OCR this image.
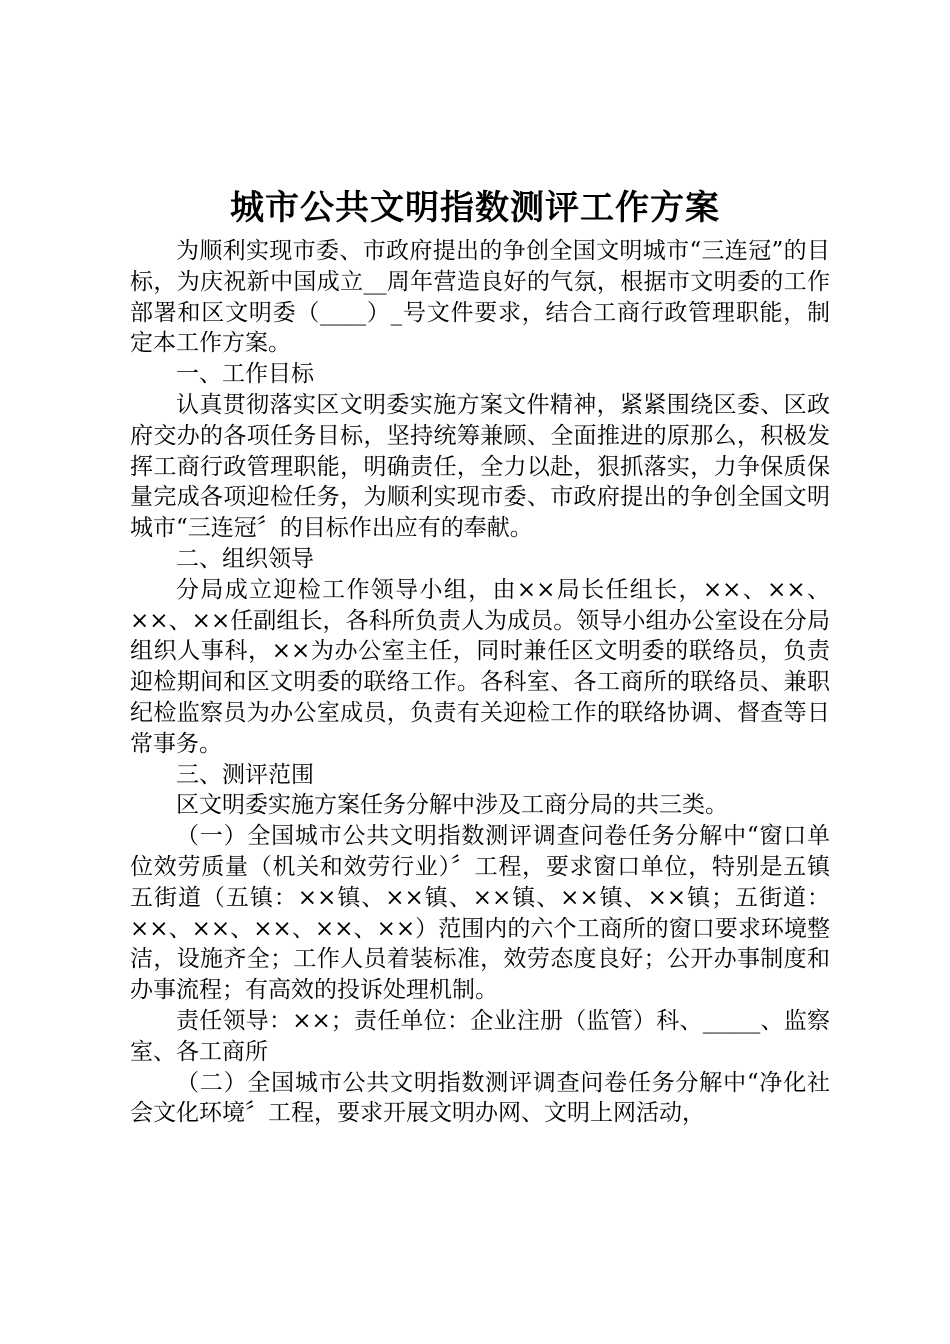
城市公共文明指数测评工作方案

为顺利实现市委、市政府提出的争创全国文明城市“三连冠”的目标，为庆祝新中国成立__周年营造良好的气氛，根据市文明委的工作部署和区文明委（____）_号文件要求，结合工商行政管理职能，制定本工作方案。

一、工作目标

认真贯彻落实区文明委实施方案文件精神，紧紧围绕区委、区政府交办的各项任务目标，坚持统筹兼顾、全面推进的原那么，积极发挥工商行政管理职能，明确责任，全力以赴，狠抓落实，力争保质保量完成各项迎检任务，为顺利实现市委、市政府提出的争创全国文明城市“三连冠〞的目标作出应有的奉献。

二、组织领导

分局成立迎检工作领导小组，由××局长任组长，××、××、××、××任副组长，各科所负责人为成员。领导小组办公室设在分局组织人事科，××为办公室主任，同时兼任区文明委的联络员，负责迎检期间和区文明委的联络工作。各科室、各工商所的联络员、兼职纪检监察员为办公室成员，负责有关迎检工作的联络协调、督查等日常事务。

三、测评范围

区文明委实施方案任务分解中涉及工商分局的共三类。

（一）全国城市公共文明指数测评调查问卷任务分解中“窗口单位效劳质量（机关和效劳行业）〞工程，要求窗口单位，特别是五镇五街道（五镇：××镇、××镇、××镇、××镇、××镇；五街道：××、××、××、××、××）范围内的六个工商所的窗口要求环境整洁，设施齐全；工作人员着装标准，效劳态度良好；公开办事制度和办事流程；有高效的投诉处理机制。

责任领导：××；责任单位：企业注册（监管）科、_____、监察室、各工商所

（二）全国城市公共文明指数测评调查问卷任务分解中“净化社会文化环境〞工程，要求开展文明办网、文明上网活动，
